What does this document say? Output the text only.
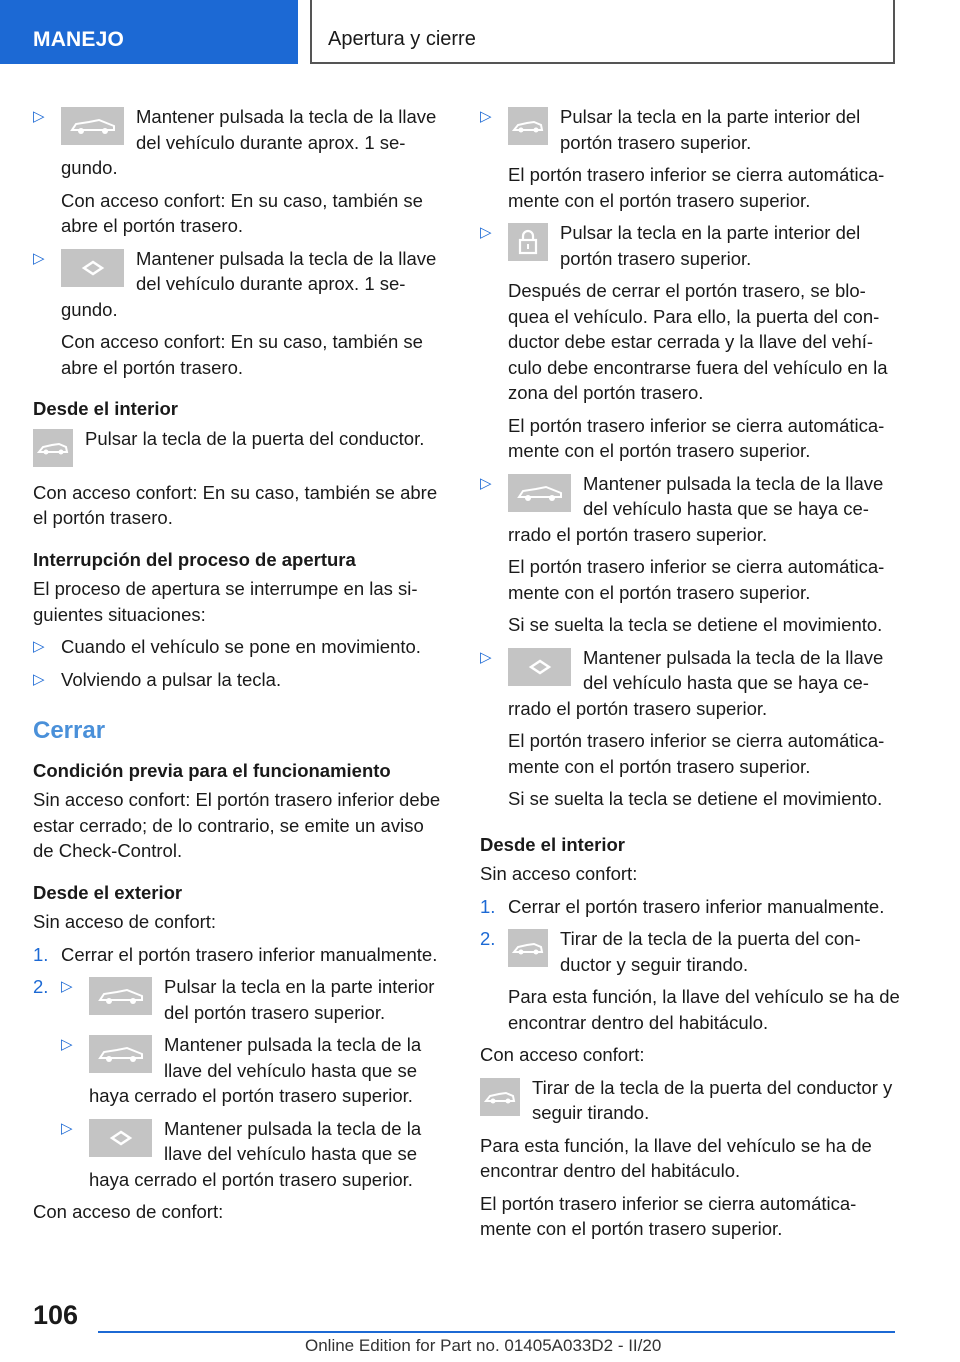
MANEJO	Apertura y cierre
▷	Mantener pulsada la tecla de la llave del vehículo durante aprox. 1 se‐gundo.

Con acceso confort: En su caso, también se abre el portón trasero.

▷	Mantener pulsada la tecla de la llave del vehículo durante aprox. 1 se‐gundo.

Con acceso confort: En su caso, también se abre el portón trasero.

Desde el interior

Pulsar la tecla de la puerta del conductor.

Con acceso confort: En su caso, también se abre el portón trasero.

Interrupción del proceso de apertura

El proceso de apertura se interrumpe en las si‐guientes situaciones:

▷ Cuando el vehículo se pone en movimiento.
▷ Volviendo a pulsar la tecla.

Cerrar

Condición previa para el funcionamiento

Sin acceso confort: El portón trasero inferior debe estar cerrado; de lo contrario, se emite un aviso de Check-Control.

Desde el exterior

Sin acceso de confort:

1. Cerrar el portón trasero inferior manualmente.
2. ▷	Pulsar la tecla en la parte interior del portón trasero superior.
▷	Mantener pulsada la tecla de la llave del vehículo hasta que se haya cerrado el portón trasero superior.
▷	Mantener pulsada la tecla de la llave del vehículo hasta que se haya cerrado el portón trasero superior.

Con acceso de confort:

▷	Pulsar la tecla en la parte interior del portón trasero superior.

El portón trasero inferior se cierra automática‐mente con el portón trasero superior.

▷	Pulsar la tecla en la parte interior del portón trasero superior.

Después de cerrar el portón trasero, se blo‐quea el vehículo. Para ello, la puerta del con‐ductor debe estar cerrada y la llave del vehí‐culo debe encontrarse fuera del vehículo en la zona del portón trasero.

El portón trasero inferior se cierra automática‐mente con el portón trasero superior.

▷	Mantener pulsada la tecla de la llave del vehículo hasta que se haya ce‐rrado el portón trasero superior.

El portón trasero inferior se cierra automática‐mente con el portón trasero superior.

Si se suelta la tecla se detiene el movimiento.

▷	Mantener pulsada la tecla de la llave del vehículo hasta que se haya ce‐rrado el portón trasero superior.

El portón trasero inferior se cierra automática‐mente con el portón trasero superior.

Si se suelta la tecla se detiene el movimiento.

Desde el interior

Sin acceso confort:

1. Cerrar el portón trasero inferior manualmente.
2.	Tirar de la tecla de la puerta del con‐ductor y seguir tirando.

Para esta función, la llave del vehículo se ha de encontrar dentro del habitáculo.

Con acceso confort:

Tirar de la tecla de la puerta del conductor y seguir tirando.

Para esta función, la llave del vehículo se ha de encontrar dentro del habitáculo.

El portón trasero inferior se cierra automática‐mente con el portón trasero superior.

106
Online Edition for Part no. 01405A033D2 - II/20
